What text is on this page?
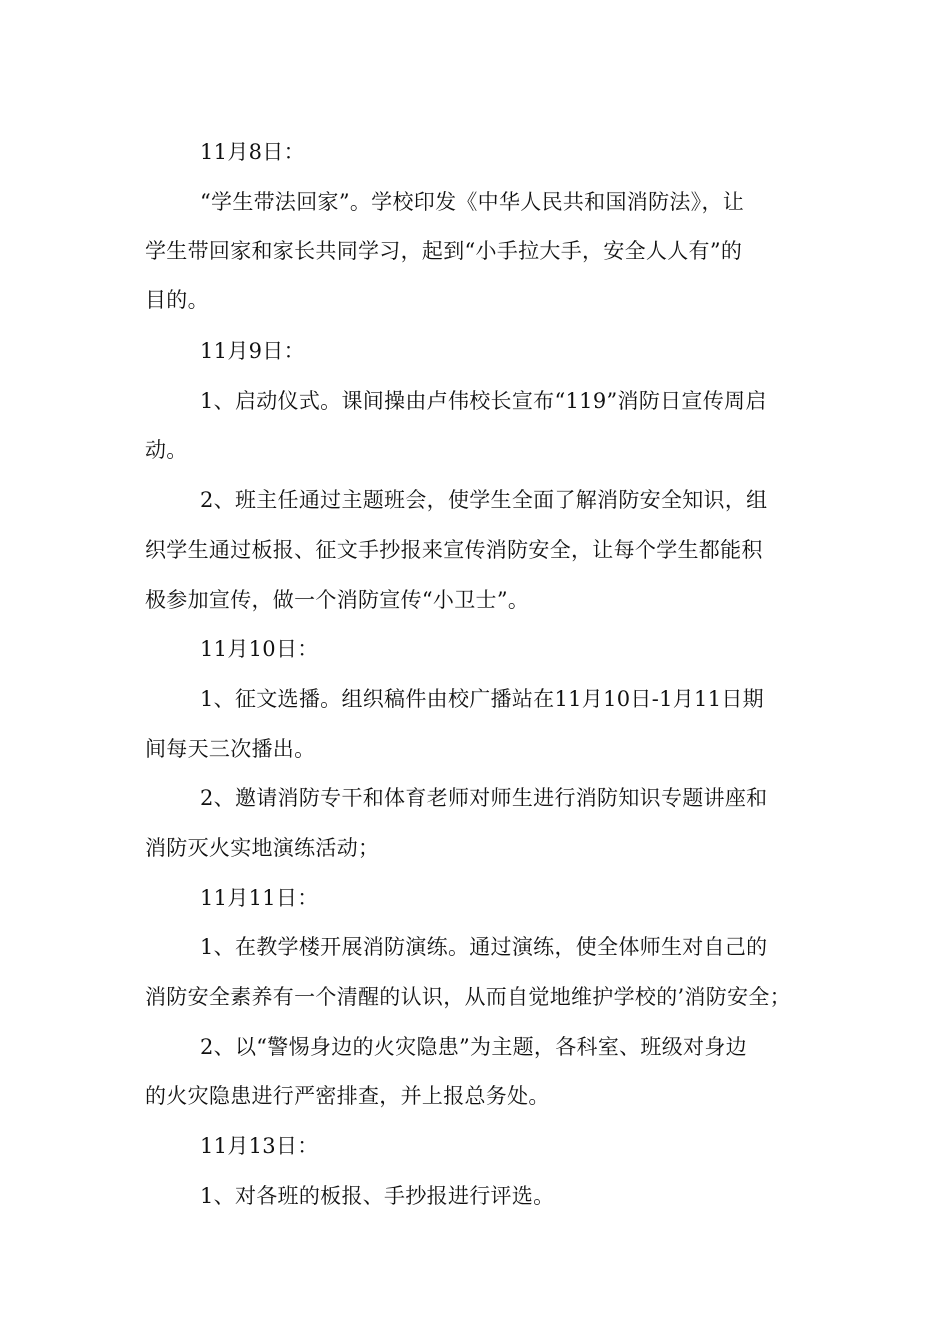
11月8日：
“学生带法回家”。学校印发《中华人民共和国消防法》，让
学生带回家和家长共同学习，起到“小手拉大手，安全人人有”的
目的。
11月9日：
1、启动仪式。课间操由卢伟校长宣布“119”消防日宣传周启
动。
2、班主任通过主题班会，使学生全面了解消防安全知识，组
织学生通过板报、征文手抄报来宣传消防安全，让每个学生都能积
极参加宣传，做一个消防宣传“小卫士”。
11月10日：
1、征文选播。组织稿件由校广播站在11月10日-1月11日期
间每天三次播出。
2、邀请消防专干和体育老师对师生进行消防知识专题讲座和
消防灭火实地演练活动；
11月11日：
1、在教学楼开展消防演练。通过演练，使全体师生对自己的
消防安全素养有一个清醒的认识，从而自觉地维护学校的’消防安全；
2、以“警惕身边的火灾隐患”为主题，各科室、班级对身边
的火灾隐患进行严密排查，并上报总务处。
11月13日：
1、对各班的板报、手抄报进行评选。
